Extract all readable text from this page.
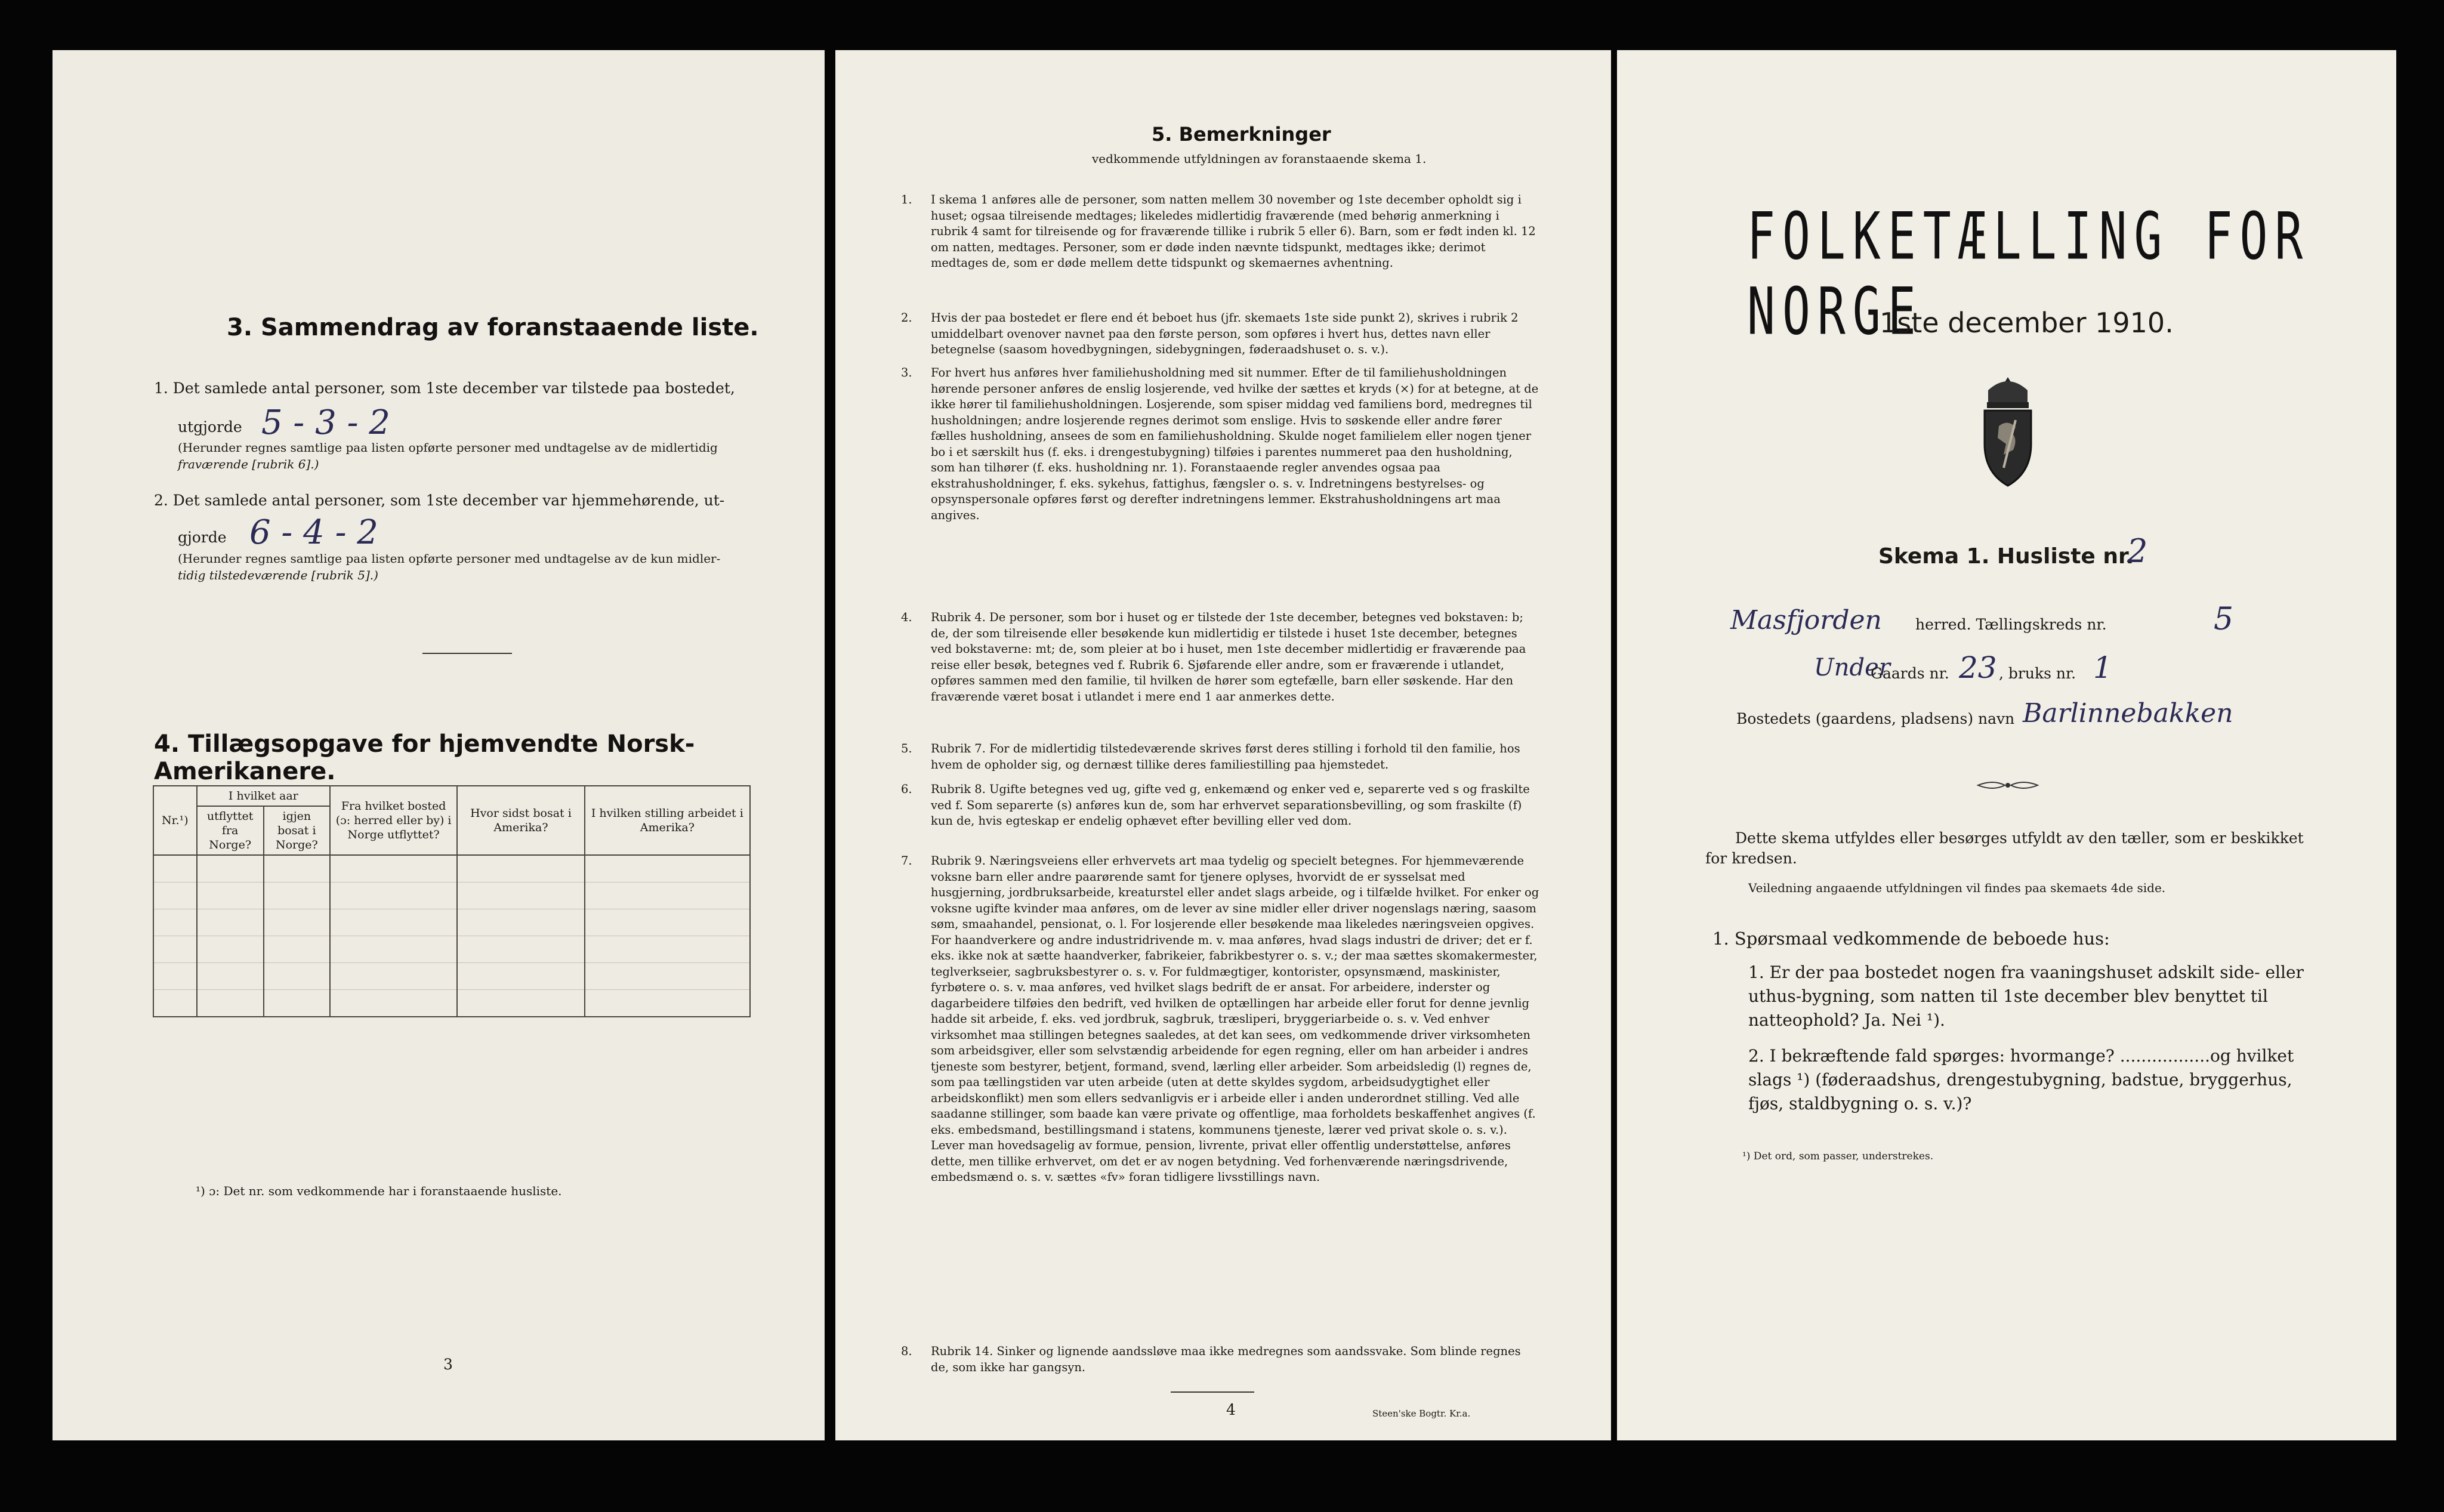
3. Sammendrag av foranstaaende liste.
1. Det samlede antal personer, som 1ste december var tilstede paa bostedet,
utgjorde 5 - 3 - 2
(Herunder regnes samtlige paa listen opførte personer med undtagelse av de midlertidig
fraværende [rubrik 6].)
2. Det samlede antal personer, som 1ste december var hjemmehørende, ut-
gjorde 6 - 4 - 2
(Herunder regnes samtlige paa listen opførte personer med undtagelse av de kun midler-
tidig tilstedeværende [rubrik 5].)
4. Tillægsopgave for hjemvendte Norsk-Amerikanere.
Nr.¹)	I hvilket aar		Fra hvilket bosted (ɔ: herred eller by) i Norge utflyttet?	Hvor sidst bosat i Amerika?	I hvilken stilling arbeidet i Amerika?
	utflyttet fra Norge?	igjen bosat i Norge?			

¹) ɔ: Det nr. som vedkommende har i foranstaaende husliste.
3
5. Bemerkninger
vedkommende utfyldningen av foranstaaende skema 1.
1. I skema 1 anføres alle de personer, som natten mellem 30 november og 1ste december opholdt sig i huset; ogsaa tilreisende medtages; likeledes midlertidig fraværende (med behørig anmerkning i rubrik 4 samt for tilreisende og for fraværende tillike i rubrik 5 eller 6). Barn, som er født inden kl. 12 om natten, medtages. Personer, som er døde inden nævnte tidspunkt, medtages ikke; derimot medtages de, som er døde mellem dette tidspunkt og skemaernes avhentning.
2. Hvis der paa bostedet er flere end ét beboet hus (jfr. skemaets 1ste side punkt 2), skrives i rubrik 2 umiddelbart ovenover navnet paa den første person, som opføres i hvert hus, dettes navn eller betegnelse (saasom hovedbygningen, sidebygningen, føderaadshuset o. s. v.).
3. For hvert hus anføres hver familiehusholdning med sit nummer. Efter de til familiehusholdningen hørende personer anføres de enslig losjerende, ved hvilke der sættes et kryds (×) for at betegne, at de ikke hører til familiehusholdningen. Losjerende, som spiser middag ved familiens bord, medregnes til husholdningen; andre losjerende regnes derimot som enslige. Hvis to søskende eller andre fører fælles husholdning, ansees de som en familiehusholdning. Skulde noget familielem eller nogen tjener bo i et særskilt hus (f. eks. i drengestubygning) tilføies i parentes nummeret paa den husholdning, som han tilhører (f. eks. husholdning nr. 1). Foranstaaende regler anvendes ogsaa paa ekstrahusholdninger, f. eks. sykehus, fattighus, fængsler o. s. v. Indretningens bestyrelses- og opsynspersonale opføres først og derefter indretningens lemmer. Ekstrahusholdningens art maa angives.
4. Rubrik 4. De personer, som bor i huset og er tilstede der 1ste december, betegnes ved bokstaven: b; de, der som tilreisende eller besøkende kun midlertidig er tilstede i huset 1ste december, betegnes ved bokstaverne: mt; de, som pleier at bo i huset, men 1ste december midlertidig er fraværende paa reise eller besøk, betegnes ved f. Rubrik 6. Sjøfarende eller andre, som er fraværende i utlandet, opføres sammen med den familie, til hvilken de hører som egtefælle, barn eller søskende. Har den fraværende været bosat i utlandet i mere end 1 aar anmerkes dette.
5. Rubrik 7. For de midlertidig tilstedeværende skrives først deres stilling i forhold til den familie, hos hvem de opholder sig, og dernæst tillike deres familiestilling paa hjemstedet.
6. Rubrik 8. Ugifte betegnes ved ug, gifte ved g, enkemænd og enker ved e, separerte ved s og fraskilte ved f. Som separerte (s) anføres kun de, som har erhvervet separationsbevilling, og som fraskilte (f) kun de, hvis egteskap er endelig ophævet efter bevilling eller ved dom.
7. Rubrik 9. Næringsveiens eller erhvervets art maa tydelig og specielt betegnes. For hjemmeværende voksne barn eller andre paarørende samt for tjenere oplyses, hvorvidt de er sysselsat med husgjerning, jordbruksarbeide, kreaturstel eller andet slags arbeide, og i tilfælde hvilket. For enker og voksne ugifte kvinder maa anføres, om de lever av sine midler eller driver nogenslags næring, saasom søm, smaahandel, pensionat, o. l. For losjerende eller besøkende maa likeledes næringsveien opgives. For haandverkere og andre industridrivende m. v. maa anføres, hvad slags industri de driver; det er f. eks. ikke nok at sætte haandverker, fabrikeier, fabrikbestyrer o. s. v.; der maa sættes skomakermester, teglverkseier, sagbruksbestyrer o. s. v. For fuldmægtiger, kontorister, opsynsmænd, maskinister, fyrbøtere o. s. v. maa anføres, ved hvilket slags bedrift de er ansat. For arbeidere, inderster og dagarbeidere tilføies den bedrift, ved hvilken de optællingen har arbeide eller forut for denne jevnlig hadde sit arbeide, f. eks. ved jordbruk, sagbruk, træsliperi, bryggeriarbeide o. s. v. Ved enhver virksomhet maa stillingen betegnes saaledes, at det kan sees, om vedkommende driver virksomheten som arbeidsgiver, eller som selvstændig arbeidende for egen regning, eller om han arbeider i andres tjeneste som bestyrer, betjent, formand, svend, lærling eller arbeider. Som arbeidsledig (l) regnes de, som paa tællingstiden var uten arbeide (uten at dette skyldes sygdom, arbeidsudygtighet eller arbeidskonflikt) men som ellers sedvanligvis er i arbeide eller i anden underordnet stilling. Ved alle saadanne stillinger, som baade kan være private og offentlige, maa forholdets beskaffenhet angives (f. eks. embedsmand, bestillingsmand i statens, kommunens tjeneste, lærer ved privat skole o. s. v.). Lever man hovedsagelig av formue, pension, livrente, privat eller offentlig understøttelse, anføres dette, men tillike erhvervet, om det er av nogen betydning. Ved forhenværende næringsdrivende, embedsmænd o. s. v. sættes «fv» foran tidligere livsstillings navn.
8. Rubrik 14. Sinker og lignende aandssløve maa ikke medregnes som aandssvake. Som blinde regnes de, som ikke har gangsyn.
4	Steen'ske Bogtr. Kr.a.
FOLKETÆLLING FOR NORGE
1ste december 1910.
Skema 1. Husliste nr.
2
Masfjorden herred. Tællingskreds nr.	5
Under
Gaards nr. 23 , bruks nr. 1
Bostedets (gaardens, pladsens) navn Barlinnebakken
Dette skema utfyldes eller besørges utfyldt av den tæller, som er beskikket for kredsen.
Veiledning angaaende utfyldningen vil findes paa skemaets 4de side.
1. Spørsmaal vedkommende de beboede hus:
1. Er der paa bostedet nogen fra vaaningshuset adskilt side- eller uthus-bygning, som natten til 1ste december blev benyttet til natteophold? Ja. Nei ¹).
2. I bekræftende fald spørges: hvormange? .................og hvilket slags ¹) (føderaadshus, drengestubygning, badstue, bryggerhus, fjøs, staldbygning o. s. v.)?
¹) Det ord, som passer, understrekes.
